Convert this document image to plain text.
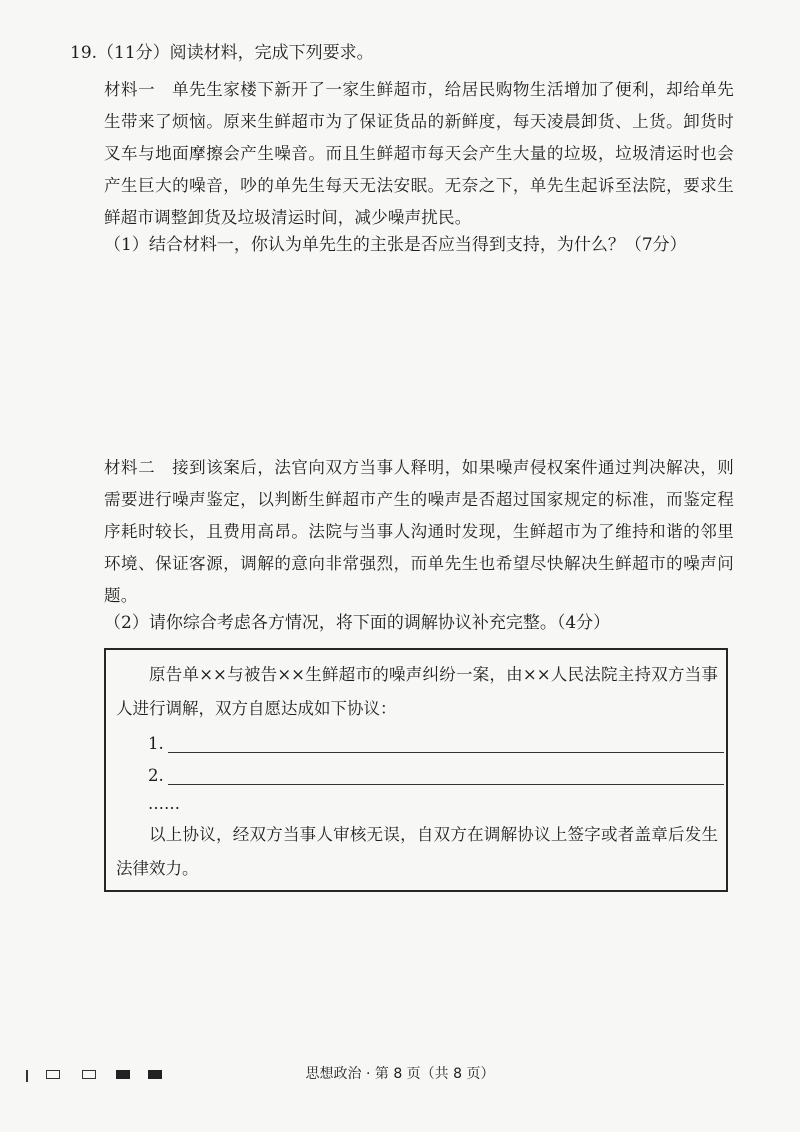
19.（11分）阅读材料，完成下列要求。

材料一　单先生家楼下新开了一家生鲜超市，给居民购物生活增加了便利，却给单先生带来了烦恼。原来生鲜超市为了保证货品的新鲜度，每天凌晨卸货、上货。卸货时叉车与地面摩擦会产生噪音。而且生鲜超市每天会产生大量的垃圾，垃圾清运时也会产生巨大的噪音，吵的单先生每天无法安眠。无奈之下，单先生起诉至法院，要求生鲜超市调整卸货及垃圾清运时间，减少噪声扰民。

（1）结合材料一，你认为单先生的主张是否应当得到支持，为什么？（7分）

材料二　接到该案后，法官向双方当事人释明，如果噪声侵权案件通过判决解决，则需要进行噪声鉴定，以判断生鲜超市产生的噪声是否超过国家规定的标准，而鉴定程序耗时较长，且费用高昂。法院与当事人沟通时发现，生鲜超市为了维持和谐的邻里环境、保证客源，调解的意向非常强烈，而单先生也希望尽快解决生鲜超市的噪声问题。

（2）请你综合考虑各方情况，将下面的调解协议补充完整。（4分）

原告单××与被告××生鲜超市的噪声纠纷一案，由××人民法院主持双方当事人进行调解，双方自愿达成如下协议：

1.
2.
……

以上协议，经双方当事人审核无误，自双方在调解协议上签字或者盖章后发生法律效力。

思想政治 · 第 8 页（共 8 页）
